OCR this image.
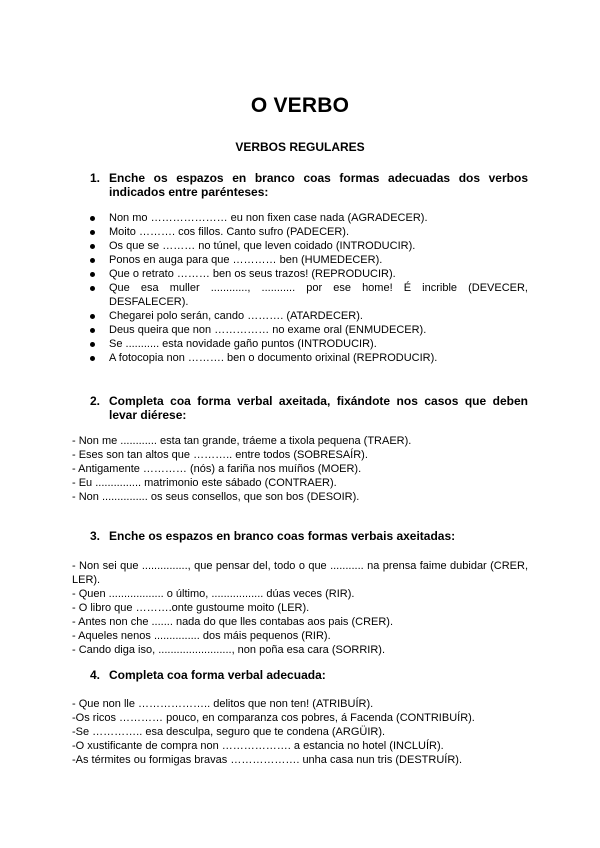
O VERBO
VERBOS REGULARES
1. Enche os espazos en branco coas formas adecuadas dos verbos indicados entre parénteses:
Non mo ………………… eu non fixen case nada (AGRADECER).
Moito ………. cos fillos. Canto sufro (PADECER).
Os que se ……… no túnel, que leven coidado (INTRODUCIR).
Ponos en auga para que ………… ben (HUMEDECER).
Que o retrato ……… ben os seus trazos! (REPRODUCIR).
Que esa muller ............, ........... por ese home! É incrible (DEVECER, DESFALECER).
Chegarei polo serán, cando ………. (ATARDECER).
Deus queira que non …………… no exame oral (ENMUDECER).
Se ........... esta novidade gaño puntos (INTRODUCIR).
A fotocopia non ………. ben o documento orixinal (REPRODUCIR).
2. Completa coa forma verbal axeitada, fixándote nos casos que deben levar diérese:
- Non me ............ esta tan grande, tráeme a tixola pequena (TRAER).
- Eses son tan altos que ……….. entre todos (SOBRESAÍR).
- Antigamente ………… (nós) a fariña nos muíños (MOER).
- Eu ............... matrimonio este sábado (CONTRAER).
- Non ............... os seus consellos, que son bos (DESOIR).
3. Enche os espazos en branco coas formas verbais axeitadas:
- Non sei que ..............., que pensar del, todo o que ........... na prensa faime dubidar (CRER, LER).
- Quen .................. o último, ................. dúas veces (RIR).
- O libro que ……….onte gustoume moito (LER).
- Antes non che ....... nada do que lles contabas aos pais (CRER).
- Aqueles nenos ............... dos máis pequenos (RIR).
- Cando diga iso, ........................, non poña esa cara (SORRIR).
4. Completa coa forma verbal adecuada:
- Que non lle ……………….. delitos que non ten! (ATRIBUÍR).
-Os ricos ………… pouco, en comparanza cos pobres, á Facenda (CONTRIBUÍR).
-Se ………….. esa desculpa, seguro que te condena (ARGÜIR).
-O xustificante de compra non ………………. a estancia no hotel (INCLUÍR).
-As térmites ou formigas bravas ………………. unha casa nun tris (DESTRUÍR).
